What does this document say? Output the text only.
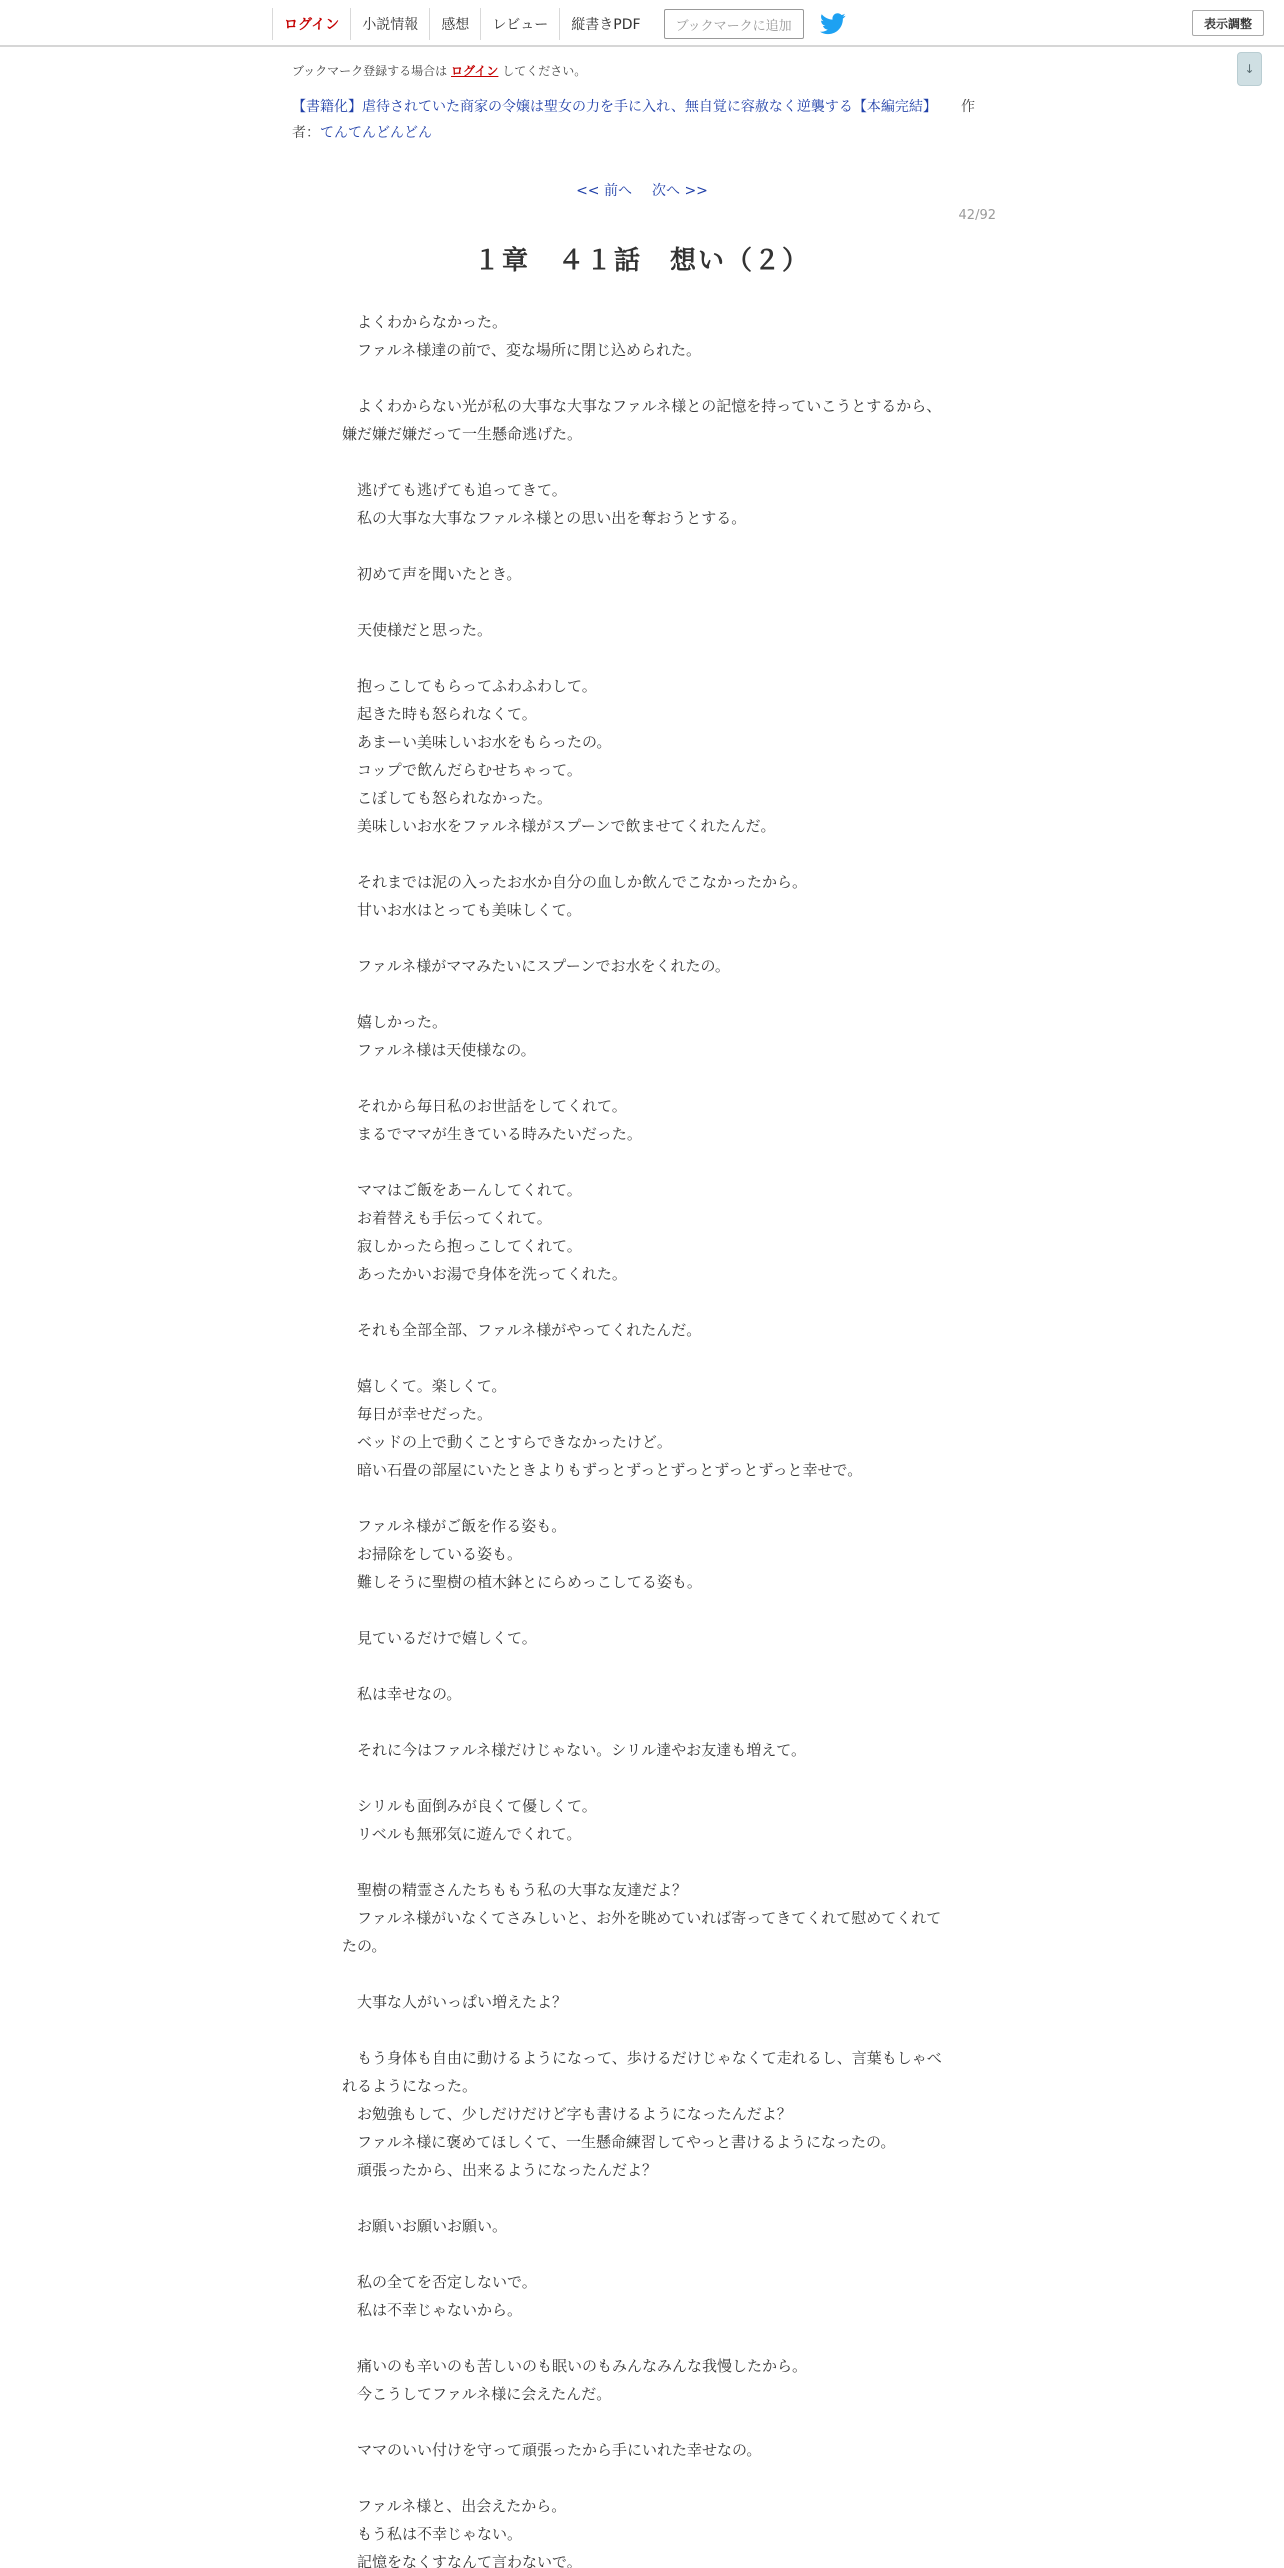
ログイン	小説情報	感想	レビュー	縦書きPDF	ブックマークに追加	表示調整
↓
ブックマーク登録する場合は ログイン してください。
【書籍化】虐待されていた商家の令嬢は聖女の力を手に入れ、無自覚に容赦なく逆襲する【本編完結】 作
者：てんてんどんどん
<< 前へ 次へ >>
42/92
１章　４１話　想い（２）

　よくわからなかった。

　ファルネ様達の前で、変な場所に閉じ込められた。

　よくわからない光が私の大事な大事なファルネ様との記憶を持っていこうとするから、嫌だ嫌だ嫌だって一生懸命逃げた。

　逃げても逃げても追ってきて。

　私の大事な大事なファルネ様との思い出を奪おうとする。

　初めて声を聞いたとき。

　天使様だと思った。

　抱っこしてもらってふわふわして。

　起きた時も怒られなくて。

　あまーい美味しいお水をもらったの。

　コップで飲んだらむせちゃって。

　こぼしても怒られなかった。

　美味しいお水をファルネ様がスプーンで飲ませてくれたんだ。

　それまでは泥の入ったお水か自分の血しか飲んでこなかったから。

　甘いお水はとっても美味しくて。

　ファルネ様がママみたいにスプーンでお水をくれたの。

　嬉しかった。

　ファルネ様は天使様なの。

　それから毎日私のお世話をしてくれて。

　まるでママが生きている時みたいだった。

　ママはご飯をあーんしてくれて。

　お着替えも手伝ってくれて。

　寂しかったら抱っこしてくれて。

　あったかいお湯で身体を洗ってくれた。

　それも全部全部、ファルネ様がやってくれたんだ。

　嬉しくて。楽しくて。

　毎日が幸せだった。

　ベッドの上で動くことすらできなかったけど。

　暗い石畳の部屋にいたときよりもずっとずっとずっとずっとずっと幸せで。

　ファルネ様がご飯を作る姿も。

　お掃除をしている姿も。

　難しそうに聖樹の植木鉢とにらめっこしてる姿も。

　見ているだけで嬉しくて。

　私は幸せなの。

　それに今はファルネ様だけじゃない。シリル達やお友達も増えて。

　シリルも面倒みが良くて優しくて。

　リベルも無邪気に遊んでくれて。

　聖樹の精霊さんたちももう私の大事な友達だよ？

　ファルネ様がいなくてさみしいと、お外を眺めていれば寄ってきてくれて慰めてくれてたの。

　大事な人がいっぱい増えたよ？

　もう身体も自由に動けるようになって、歩けるだけじゃなくて走れるし、言葉もしゃべれるようになった。

　お勉強もして、少しだけだけど字も書けるようになったんだよ？

　ファルネ様に褒めてほしくて、一生懸命練習してやっと書けるようになったの。

　頑張ったから、出来るようになったんだよ？

　お願いお願いお願い。

　私の全てを否定しないで。

　私は不幸じゃないから。

　痛いのも辛いのも苦しいのも眠いのもみんなみんな我慢したから。

　今こうしてファルネ様に会えたんだ。

　ママのいい付けを守って頑張ったから手にいれた幸せなの。

　ファルネ様と、出会えたから。

　もう私は不幸じゃない。

　記憶をなくすなんて言わないで。
